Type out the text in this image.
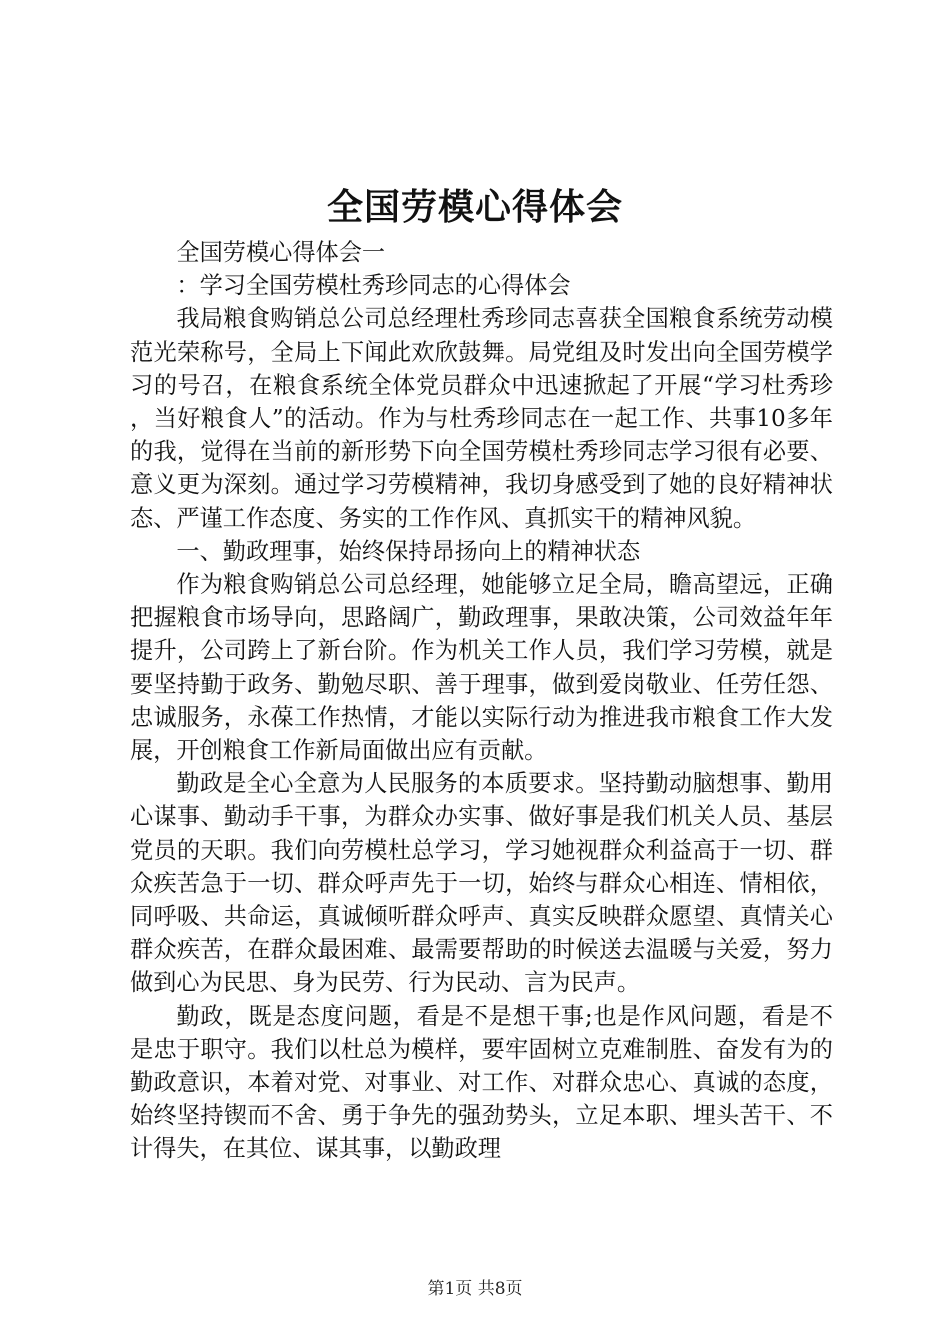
全国劳模心得体会

全国劳模心得体会一

：学习全国劳模杜秀珍同志的心得体会

我局粮食购销总公司总经理杜秀珍同志喜获全国粮食系统劳动模范光荣称号，全局上下闻此欢欣鼓舞。局党组及时发出向全国劳模学习的号召，在粮食系统全体党员群众中迅速掀起了开展“学习杜秀珍，当好粮食人”的活动。作为与杜秀珍同志在一起工作、共事10多年的我，觉得在当前的新形势下向全国劳模杜秀珍同志学习很有必要、意义更为深刻。通过学习劳模精神，我切身感受到了她的良好精神状态、严谨工作态度、务实的工作作风、真抓实干的精神风貌。

一、勤政理事，始终保持昂扬向上的精神状态

作为粮食购销总公司总经理，她能够立足全局，瞻高望远，正确把握粮食市场导向，思路阔广，勤政理事，果敢决策，公司效益年年提升，公司跨上了新台阶。作为机关工作人员，我们学习劳模，就是要坚持勤于政务、勤勉尽职、善于理事，做到爱岗敬业、任劳任怨、忠诚服务，永葆工作热情，才能以实际行动为推进我市粮食工作大发展，开创粮食工作新局面做出应有贡献。

勤政是全心全意为人民服务的本质要求。坚持勤动脑想事、勤用心谋事、勤动手干事，为群众办实事、做好事是我们机关人员、基层党员的天职。我们向劳模杜总学习，学习她视群众利益高于一切、群众疾苦急于一切、群众呼声先于一切，始终与群众心相连、情相依，同呼吸、共命运，真诚倾听群众呼声、真实反映群众愿望、真情关心群众疾苦，在群众最困难、最需要帮助的时候送去温暖与关爱，努力做到心为民思、身为民劳、行为民动、言为民声。

勤政，既是态度问题，看是不是想干事;也是作风问题，看是不是忠于职守。我们以杜总为模样，要牢固树立克难制胜、奋发有为的勤政意识，本着对党、对事业、对工作、对群众忠心、真诚的态度，始终坚持锲而不舍、勇于争先的强劲势头，立足本职、埋头苦干、不计得失，在其位、谋其事，以勤政理

第1页 共8页
